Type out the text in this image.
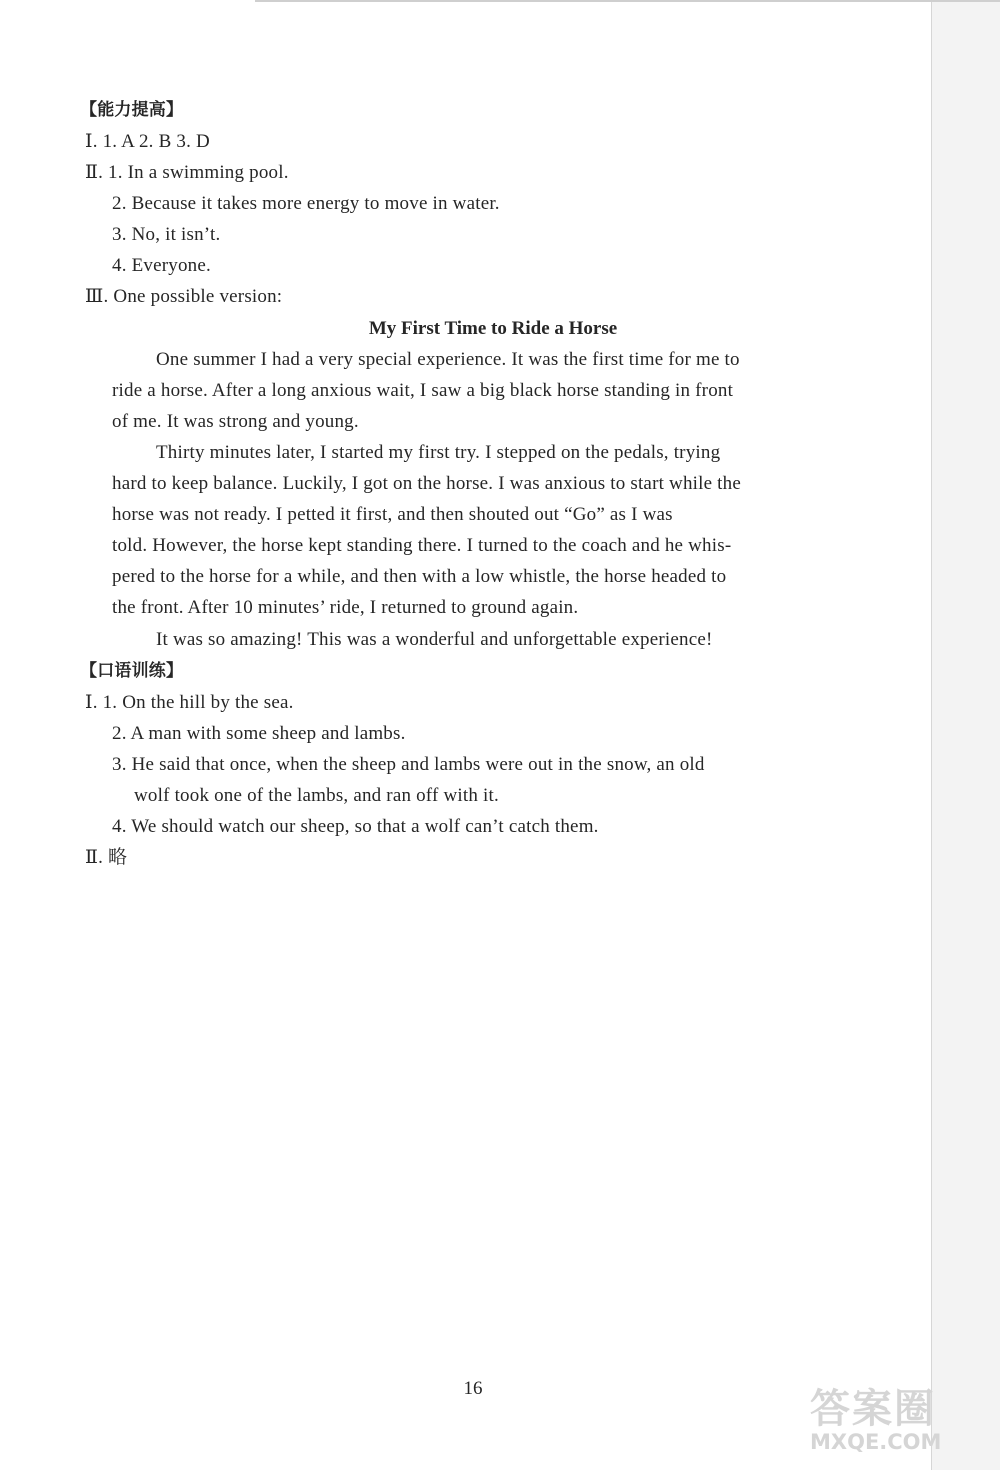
【能力提高】
Ⅰ. 1. A 2. B 3. D
Ⅱ. 1. In a swimming pool.
2. Because it takes more energy to move in water.
3. No, it isn’t.
4. Everyone.
Ⅲ. One possible version:
My First Time to Ride a Horse
One summer I had a very special experience. It was the first time for me to
ride a horse. After a long anxious wait, I saw a big black horse standing in front
of me. It was strong and young.
Thirty minutes later, I started my first try. I stepped on the pedals, trying
hard to keep balance. Luckily, I got on the horse. I was anxious to start while the
horse was not ready. I petted it first, and then shouted out “Go” as I was
told. However, the horse kept standing there. I turned to the coach and he whis-
pered to the horse for a while, and then with a low whistle, the horse headed to
the front. After 10 minutes’ ride, I returned to ground again.
It was so amazing! This was a wonderful and unforgettable experience!
【口语训练】
Ⅰ. 1. On the hill by the sea.
2. A man with some sheep and lambs.
3. He said that once, when the sheep and lambs were out in the snow, an old
wolf took one of the lambs, and ran off with it.
4. We should watch our sheep, so that a wolf can’t catch them.
Ⅱ. 略
16	答案圈
MXQE.COM
